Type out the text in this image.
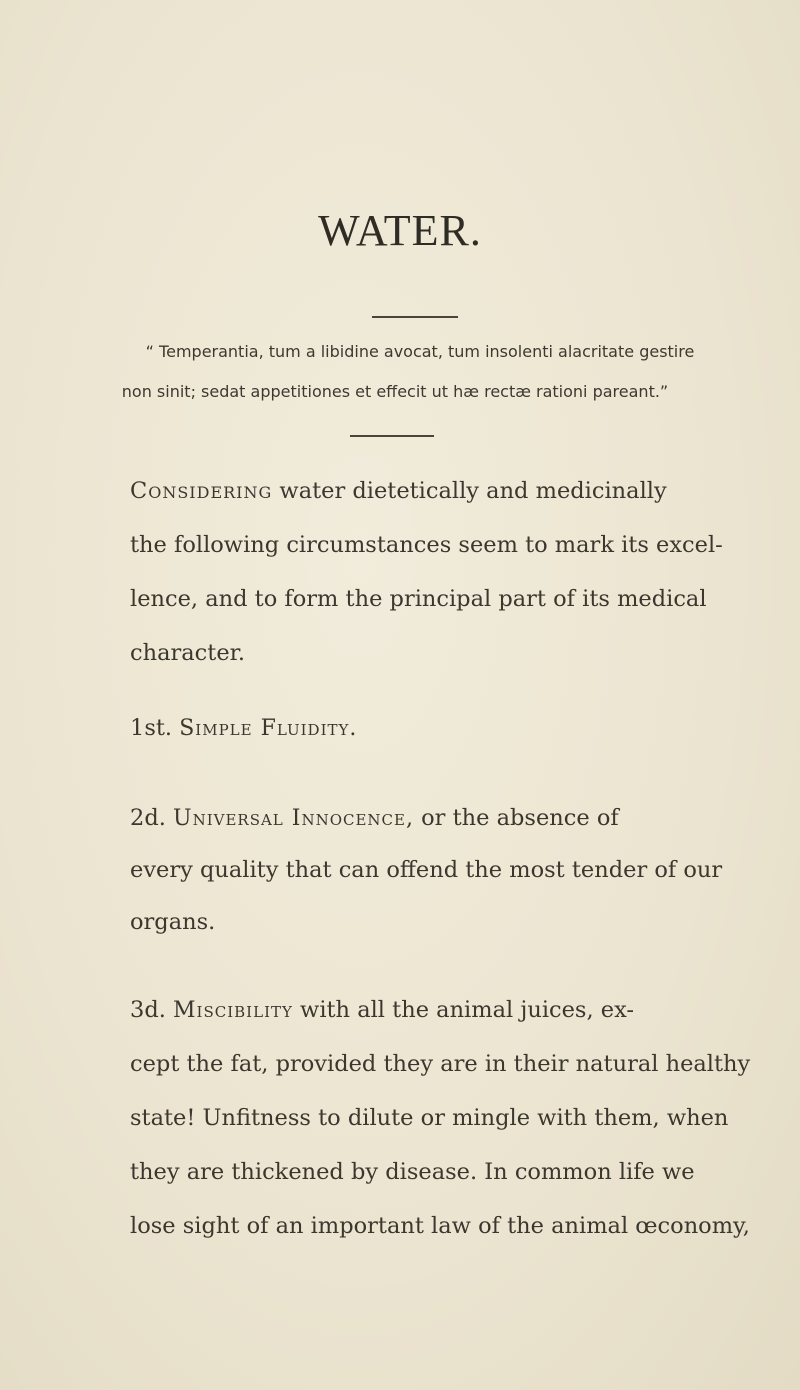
WATER.
“ Temperantia, tum a libidine avocat, tum insolenti alacritate gestire
non sinit; sedat appetitiones et effecit ut hæ rectæ rationi pareant.”
Considering water dietetically and medicinally
the following circumstances seem to mark its excel-
lence, and to form the principal part of its medical
character.
1st. Simple Fluidity.
2d. Universal Innocence, or the absence of
every quality that can offend the most tender of our
organs.
3d. Miscibility with all the animal juices, ex-
cept the fat, provided they are in their natural healthy
state! Unfitness to dilute or mingle with them, when
they are thickened by disease. In common life we
lose sight of an important law of the animal œconomy,
